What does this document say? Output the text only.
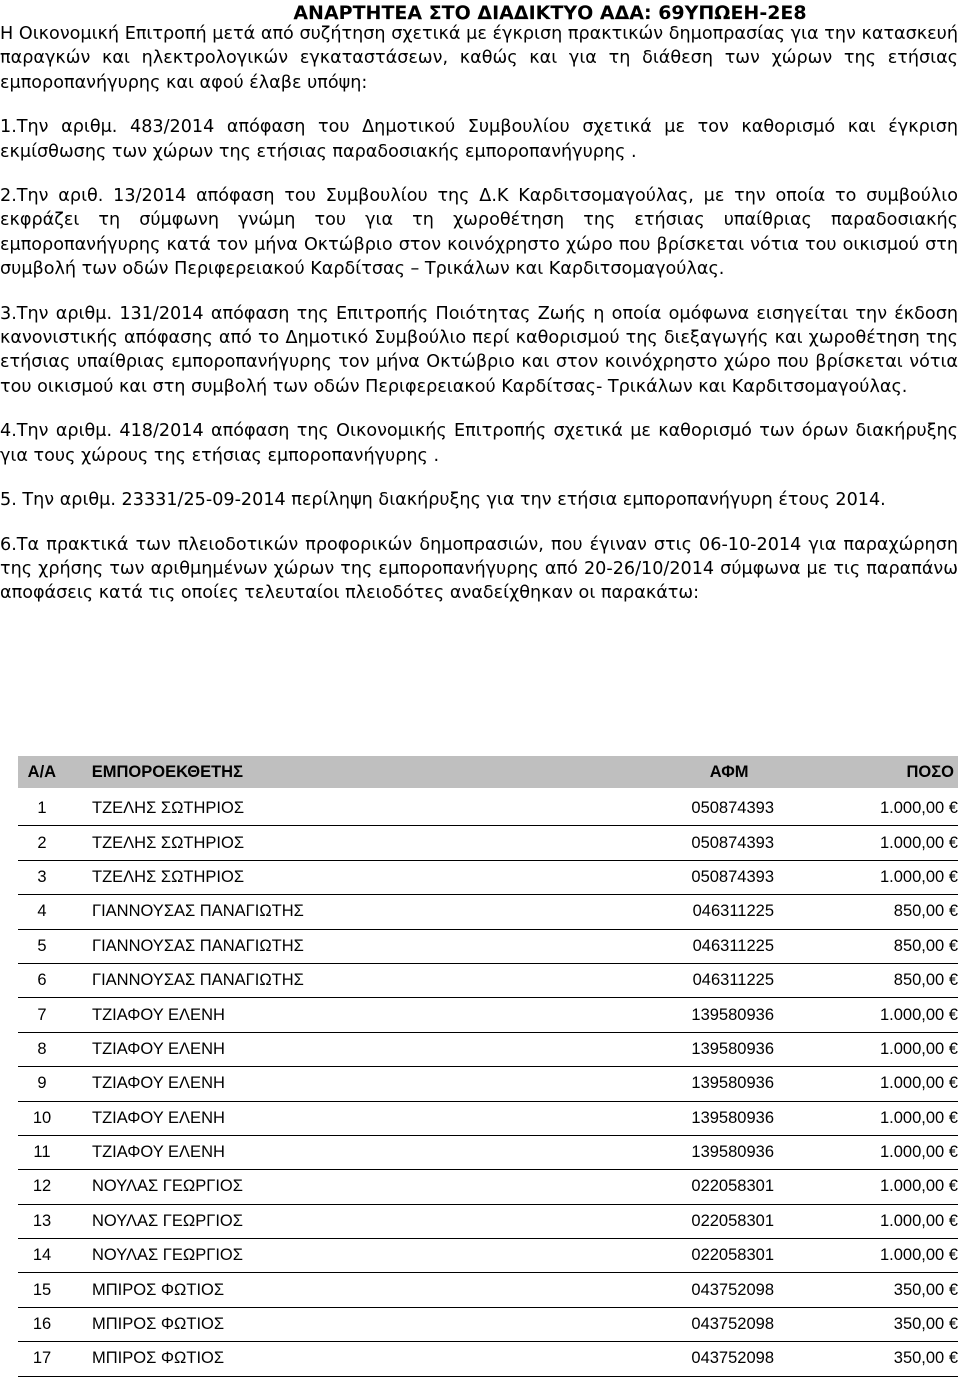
ΑΝΑΡΤΗΤΕΑ ΣΤΟ ΔΙΑΔΙΚΤΥΟ ΑΔΑ: 69ΥΠΩΕΗ-2Ε8

Η Οικονομική Επιτροπή μετά από συζήτηση σχετικά με έγκριση πρακτικών δημοπρασίας για την κατασκευή παραγκών και ηλεκτρολογικών εγκαταστάσεων, καθώς και για τη διάθεση των χώρων της ετήσιας εμποροπανήγυρης και αφού έλαβε υπόψη:

1.Την αριθμ. 483/2014 απόφαση του Δημοτικού Συμβουλίου σχετικά με τον καθορισμό και έγκριση εκμίσθωσης των χώρων της ετήσιας παραδοσιακής εμποροπανήγυρης .

2.Την αριθ. 13/2014 απόφαση του Συμβουλίου της Δ.Κ Καρδιτσομαγούλας, με την οποία το συμβούλιο εκφράζει τη σύμφωνη γνώμη του για τη χωροθέτηση της ετήσιας υπαίθριας παραδοσιακής εμποροπανήγυρης κατά τον μήνα Οκτώβριο στον κοινόχρηστο χώρο που βρίσκεται νότια του οικισμού στη συμβολή των οδών Περιφερειακού Καρδίτσας – Τρικάλων και Καρδιτσομαγούλας.

3.Την αριθμ. 131/2014 απόφαση της Επιτροπής Ποιότητας Ζωής η οποία ομόφωνα εισηγείται την έκδοση κανονιστικής απόφασης από το Δημοτικό Συμβούλιο περί καθορισμού της διεξαγωγής και χωροθέτηση της ετήσιας υπαίθριας εμποροπανήγυρης τον μήνα Οκτώβριο και στον κοινόχρηστο χώρο που βρίσκεται νότια του οικισμού και στη συμβολή των οδών Περιφερειακού Καρδίτσας- Τρικάλων και Καρδιτσομαγούλας.

4.Την αριθμ. 418/2014 απόφαση της Οικονομικής Επιτροπής σχετικά με καθορισμό των όρων διακήρυξης για τους χώρους της ετήσιας εμποροπανήγυρης .

5. Την αριθμ. 23331/25-09-2014 περίληψη διακήρυξης για την ετήσια εμποροπανήγυρη έτους 2014.

6.Τα πρακτικά των πλειοδοτικών προφορικών δημοπρασιών, που έγιναν στις 06-10-2014 για παραχώρηση της χρήσης των αριθμημένων χώρων της εμποροπανήγυρης από 20-26/10/2014 σύμφωνα με τις παραπάνω αποφάσεις κατά τις οποίες τελευταίοι πλειοδότες αναδείχθηκαν οι παρακάτω:

Α/Α	ΕΜΠΟΡΟΕΚΘΕΤΗΣ	ΑΦΜ	ΠΟΣΟ
1	ΤΖΕΛΗΣ ΣΩΤΗΡΙΟΣ	050874393	1.000,00 €
2	ΤΖΕΛΗΣ ΣΩΤΗΡΙΟΣ	050874393	1.000,00 €
3	ΤΖΕΛΗΣ ΣΩΤΗΡΙΟΣ	050874393	1.000,00 €
4	ΓΙΑΝΝΟΥΣΑΣ ΠΑΝΑΓΙΩΤΗΣ	046311225	850,00 €
5	ΓΙΑΝΝΟΥΣΑΣ ΠΑΝΑΓΙΩΤΗΣ	046311225	850,00 €
6	ΓΙΑΝΝΟΥΣΑΣ ΠΑΝΑΓΙΩΤΗΣ	046311225	850,00 €
7	ΤΖΙΑΦΟΥ ΕΛΕΝΗ	139580936	1.000,00 €
8	ΤΖΙΑΦΟΥ ΕΛΕΝΗ	139580936	1.000,00 €
9	ΤΖΙΑΦΟΥ ΕΛΕΝΗ	139580936	1.000,00 €
10	ΤΖΙΑΦΟΥ ΕΛΕΝΗ	139580936	1.000,00 €
11	ΤΖΙΑΦΟΥ ΕΛΕΝΗ	139580936	1.000,00 €
12	ΝΟΥΛΑΣ ΓΕΩΡΓΙΟΣ	022058301	1.000,00 €
13	ΝΟΥΛΑΣ ΓΕΩΡΓΙΟΣ	022058301	1.000,00 €
14	ΝΟΥΛΑΣ ΓΕΩΡΓΙΟΣ	022058301	1.000,00 €
15	ΜΠΙΡΟΣ ΦΩΤΙΟΣ	043752098	350,00 €
16	ΜΠΙΡΟΣ ΦΩΤΙΟΣ	043752098	350,00 €
17	ΜΠΙΡΟΣ ΦΩΤΙΟΣ	043752098	350,00 €
